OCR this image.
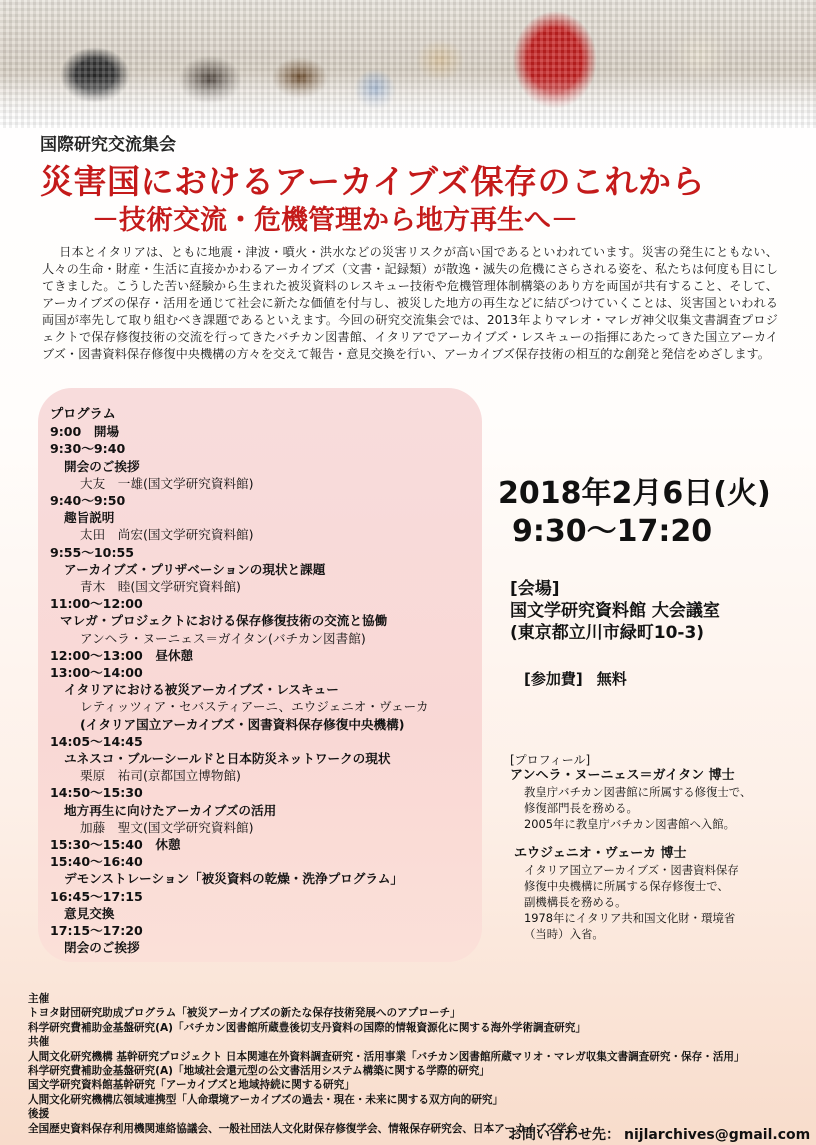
国際研究交流集会
災害国におけるアーカイブズ保存のこれから
－技術交流・危機管理から地方再生へ－

日本とイタリアは、ともに地震・津波・噴火・洪水などの災害リスクが高い国であるといわれています。災害の発生にともない、人々の生命・財産・生活に直接かかわるアーカイブズ（文書・記録類）が散逸・滅失の危機にさらされる姿を、私たちは何度も目にしてきました。こうした苦い経験から生まれた被災資料のレスキュー技術や危機管理体制構築のあり方を両国が共有すること、そして、アーカイブズの保存・活用を通じて社会に新たな価値を付与し、被災した地方の再生などに結びつけていくことは、災害国といわれる両国が率先して取り組むべき課題であるといえます。今回の研究交流集会では、2013年よりマレオ・マレガ神父収集文書調査プロジェクトで保存修復技術の交流を行ってきたバチカン図書館、イタリアでアーカイブズ・レスキューの指揮にあたってきた国立アーカイブズ・図書資料保存修復中央機構の方々を交えて報告・意見交換を行い、アーカイブズ保存技術の相互的な創発と発信をめざします。

プログラム
9:00　開場
9:30～9:40
開会のご挨拶
大友　一雄(国文学研究資料館)
9:40～9:50
趣旨説明
太田　尚宏(国文学研究資料館)
9:55～10:55
アーカイブズ・プリザベーションの現状と課題
青木　睦(国文学研究資料館)
11:00～12:00
マレガ・プロジェクトにおける保存修復技術の交流と協働
アンヘラ・ヌーニェス＝ガイタン(バチカン図書館)
12:00～13:00　昼休憩
13:00～14:00
イタリアにおける被災アーカイブズ・レスキュー
レティッツィア・セバスティアーニ、エウジェニオ・ヴェーカ
(イタリア国立アーカイブズ・図書資料保存修復中央機構)
14:05～14:45
ユネスコ・ブルーシールドと日本防災ネットワークの現状
栗原　祐司(京都国立博物館)
14:50～15:30
地方再生に向けたアーカイブズの活用
加藤　聖文(国文学研究資料館)
15:30～15:40　休憩
15:40～16:40
デモンストレーション「被災資料の乾燥・洗浄プログラム」
16:45～17:15
意見交換
17:15～17:20
閉会のご挨拶
2018年2月6日(火)
9:30～17:20
[会場]
国文学研究資料館 大会議室
(東京都立川市緑町10-3)
[参加費] 無料
[プロフィール]
アンヘラ・ヌーニェス＝ガイタン 博士
教皇庁バチカン図書館に所属する修復士で、
修復部門長を務める。
2005年に教皇庁バチカン図書館へ入館。
エウジェニオ・ヴェーカ 博士
イタリア国立アーカイブズ・図書資料保存
修復中央機構に所属する保存修復士で、
副機構長を務める。
1978年にイタリア共和国文化財・環境省
（当時）入省。
主催
トヨタ財団研究助成プログラム「被災アーカイブズの新たな保存技術発展へのアプローチ」
科学研究費補助金基盤研究(A)「バチカン図書館所蔵豊後切支丹資料の国際的情報資源化に関する海外学術調査研究」
共催
人間文化研究機構 基幹研究プロジェクト 日本関連在外資料調査研究・活用事業「バチカン図書館所蔵マリオ・マレガ収集文書調査研究・保存・活用」
科学研究費補助金基盤研究(A)「地域社会還元型の公文書活用システム構築に関する学際的研究」
国文学研究資料館基幹研究「アーカイブズと地域持続に関する研究」
人間文化研究機構広領域連携型「人命環境アーカイブズの過去・現在・未来に関する双方向的研究」
後援
全国歴史資料保存利用機関連絡協議会、一般社団法人文化財保存修復学会、情報保存研究会、日本アーカイブズ学会
お問い合わせ先： nijlarchives@gmail.com
